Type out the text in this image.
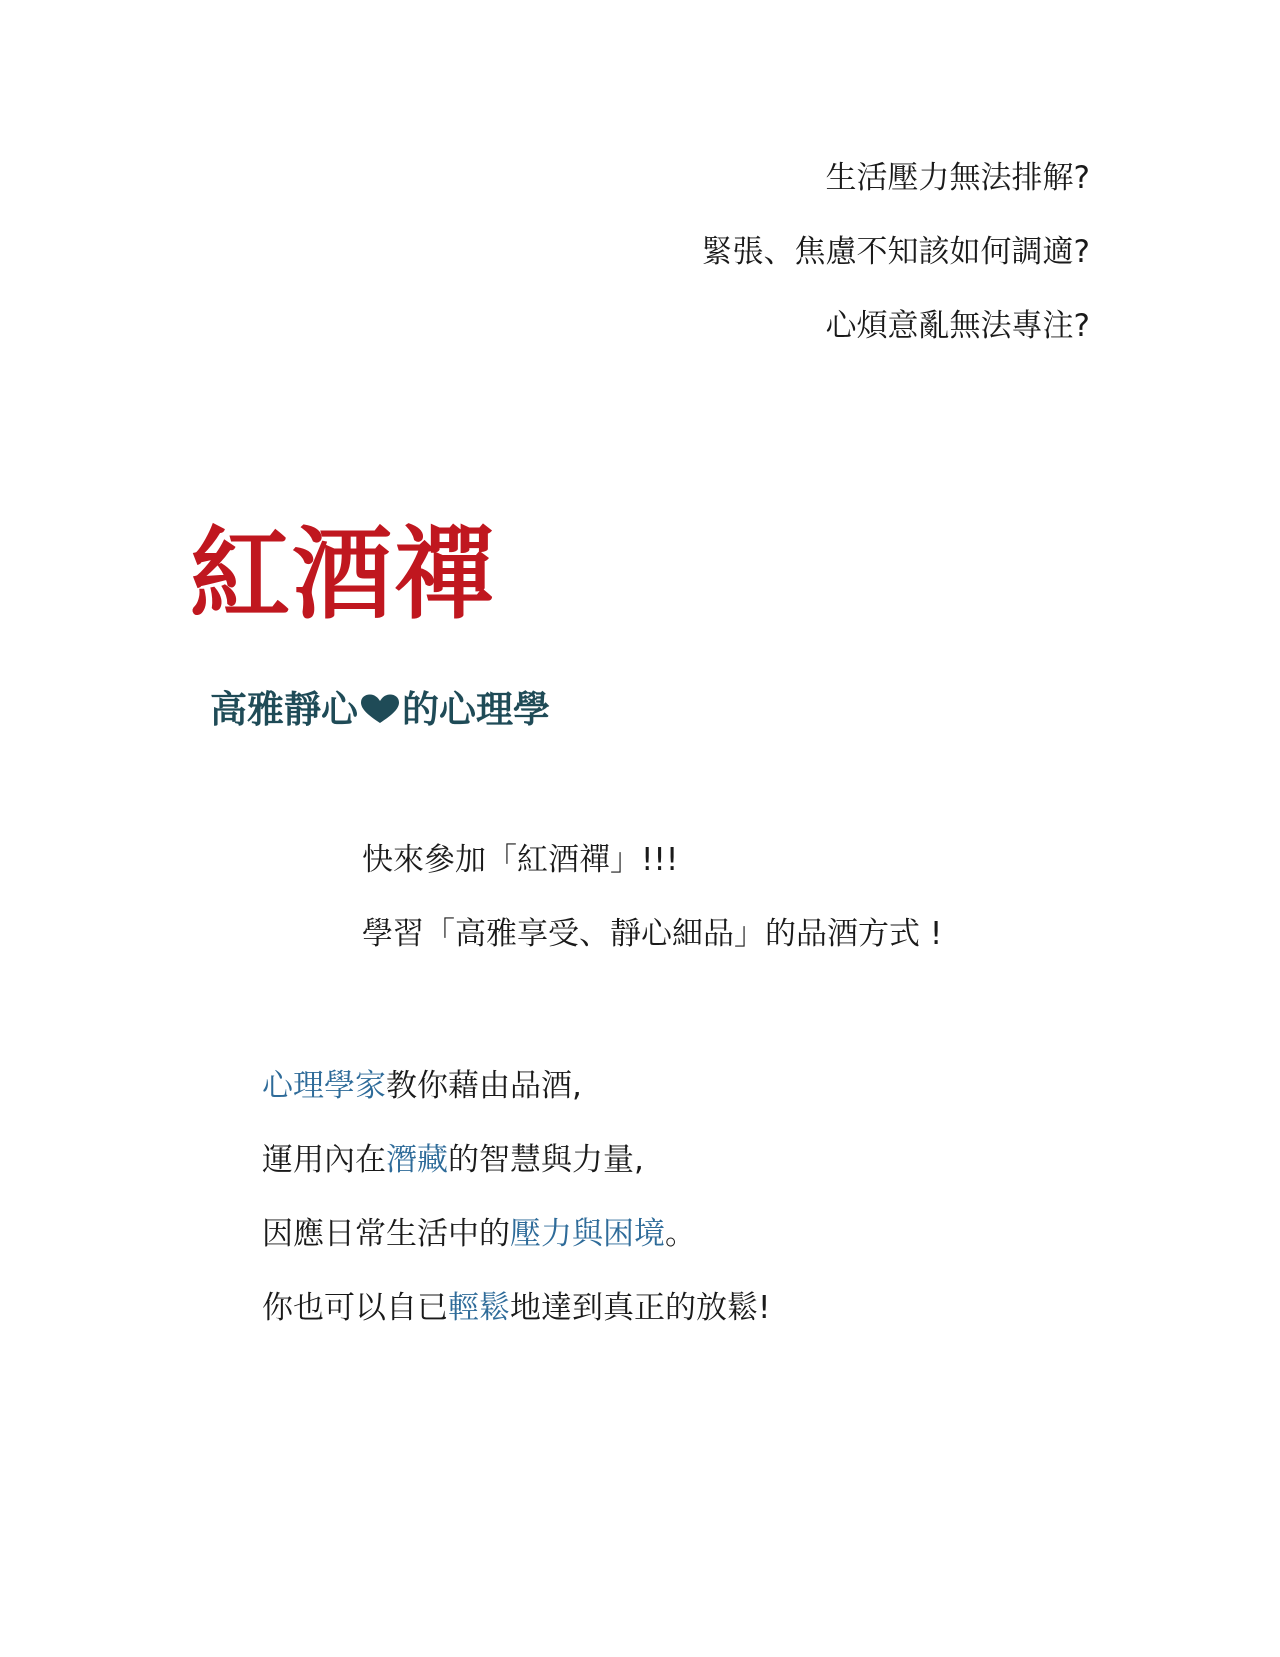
生活壓力無法排解?
緊張、焦慮不知該如何調適?
心煩意亂無法專注?
紅酒禪
高雅靜心 的心理學
快來參加「紅酒禪」!!!
學習「高雅享受、靜心細品」的品酒方式 !
心理學家教你藉由品酒,
運用內在潛藏的智慧與力量,
因應日常生活中的壓力與困境。
你也可以自已輕鬆地達到真正的放鬆!
